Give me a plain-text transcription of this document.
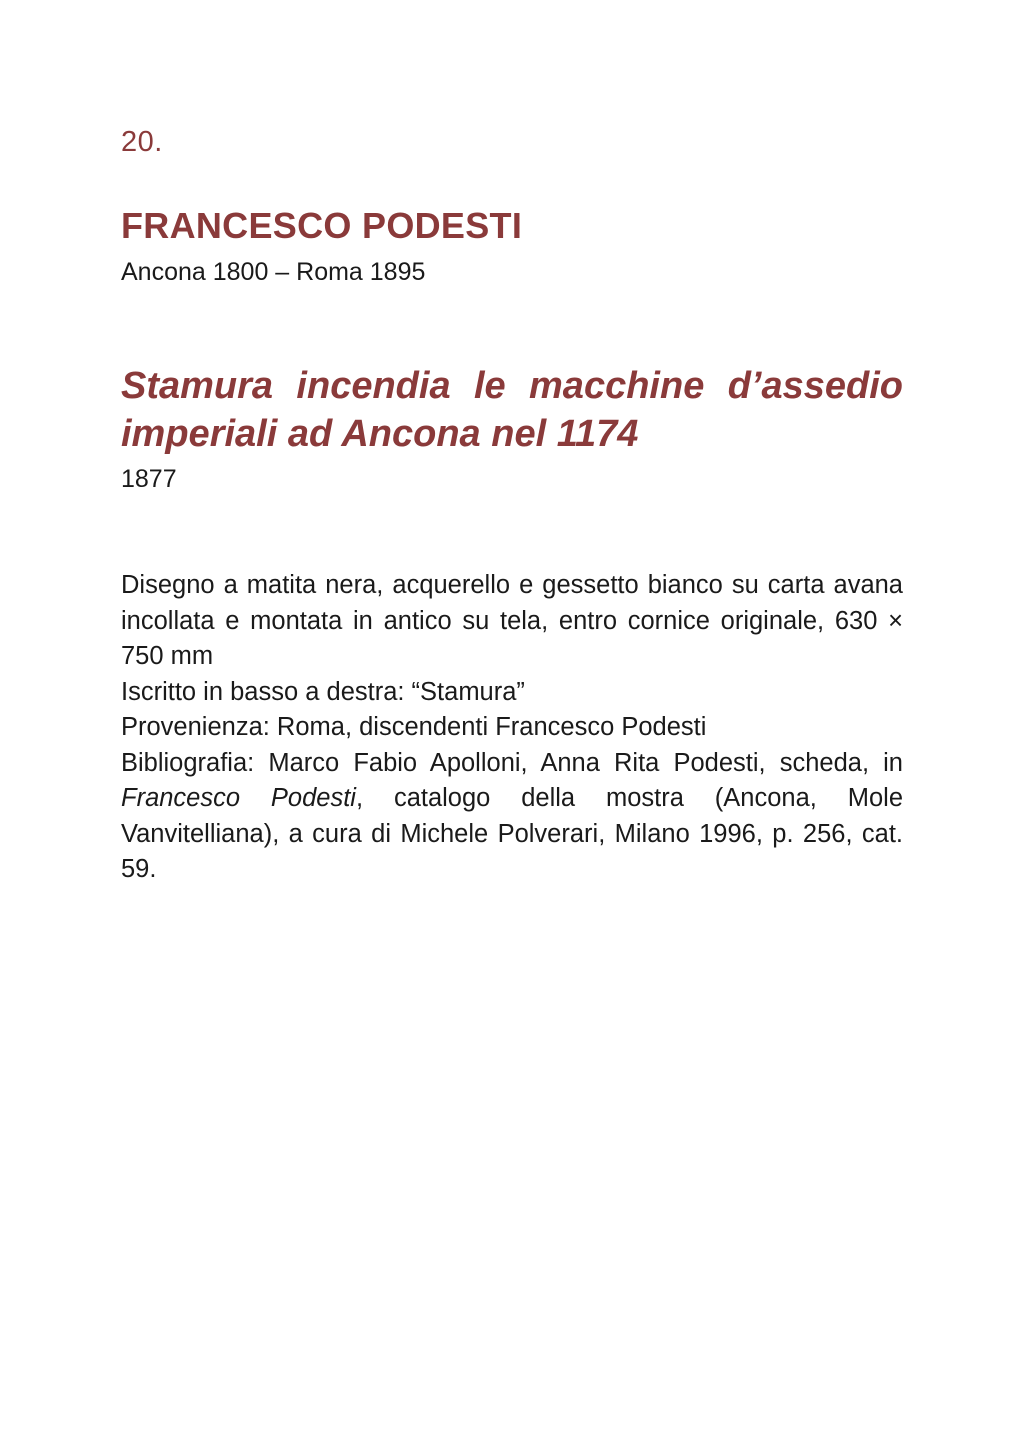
20.
FRANCESCO PODESTI
Ancona 1800 – Roma 1895
Stamura incendia le macchine d’assedio
imperiali ad Ancona nel 1174
1877

Disegno a matita nera, acquerello e gessetto bianco su carta avana incollata e montata in antico su tela, entro cornice originale, 630 × 750 mm

Iscritto in basso a destra: “Stamura”

Provenienza: Roma, discendenti Francesco Podesti

Bibliografia: Marco Fabio Apolloni, Anna Rita Podesti, scheda, in Francesco Podesti, catalogo della mostra (Ancona, Mole Vanvitelliana), a cura di Michele Polverari, Milano 1996, p. 256, cat. 59.
